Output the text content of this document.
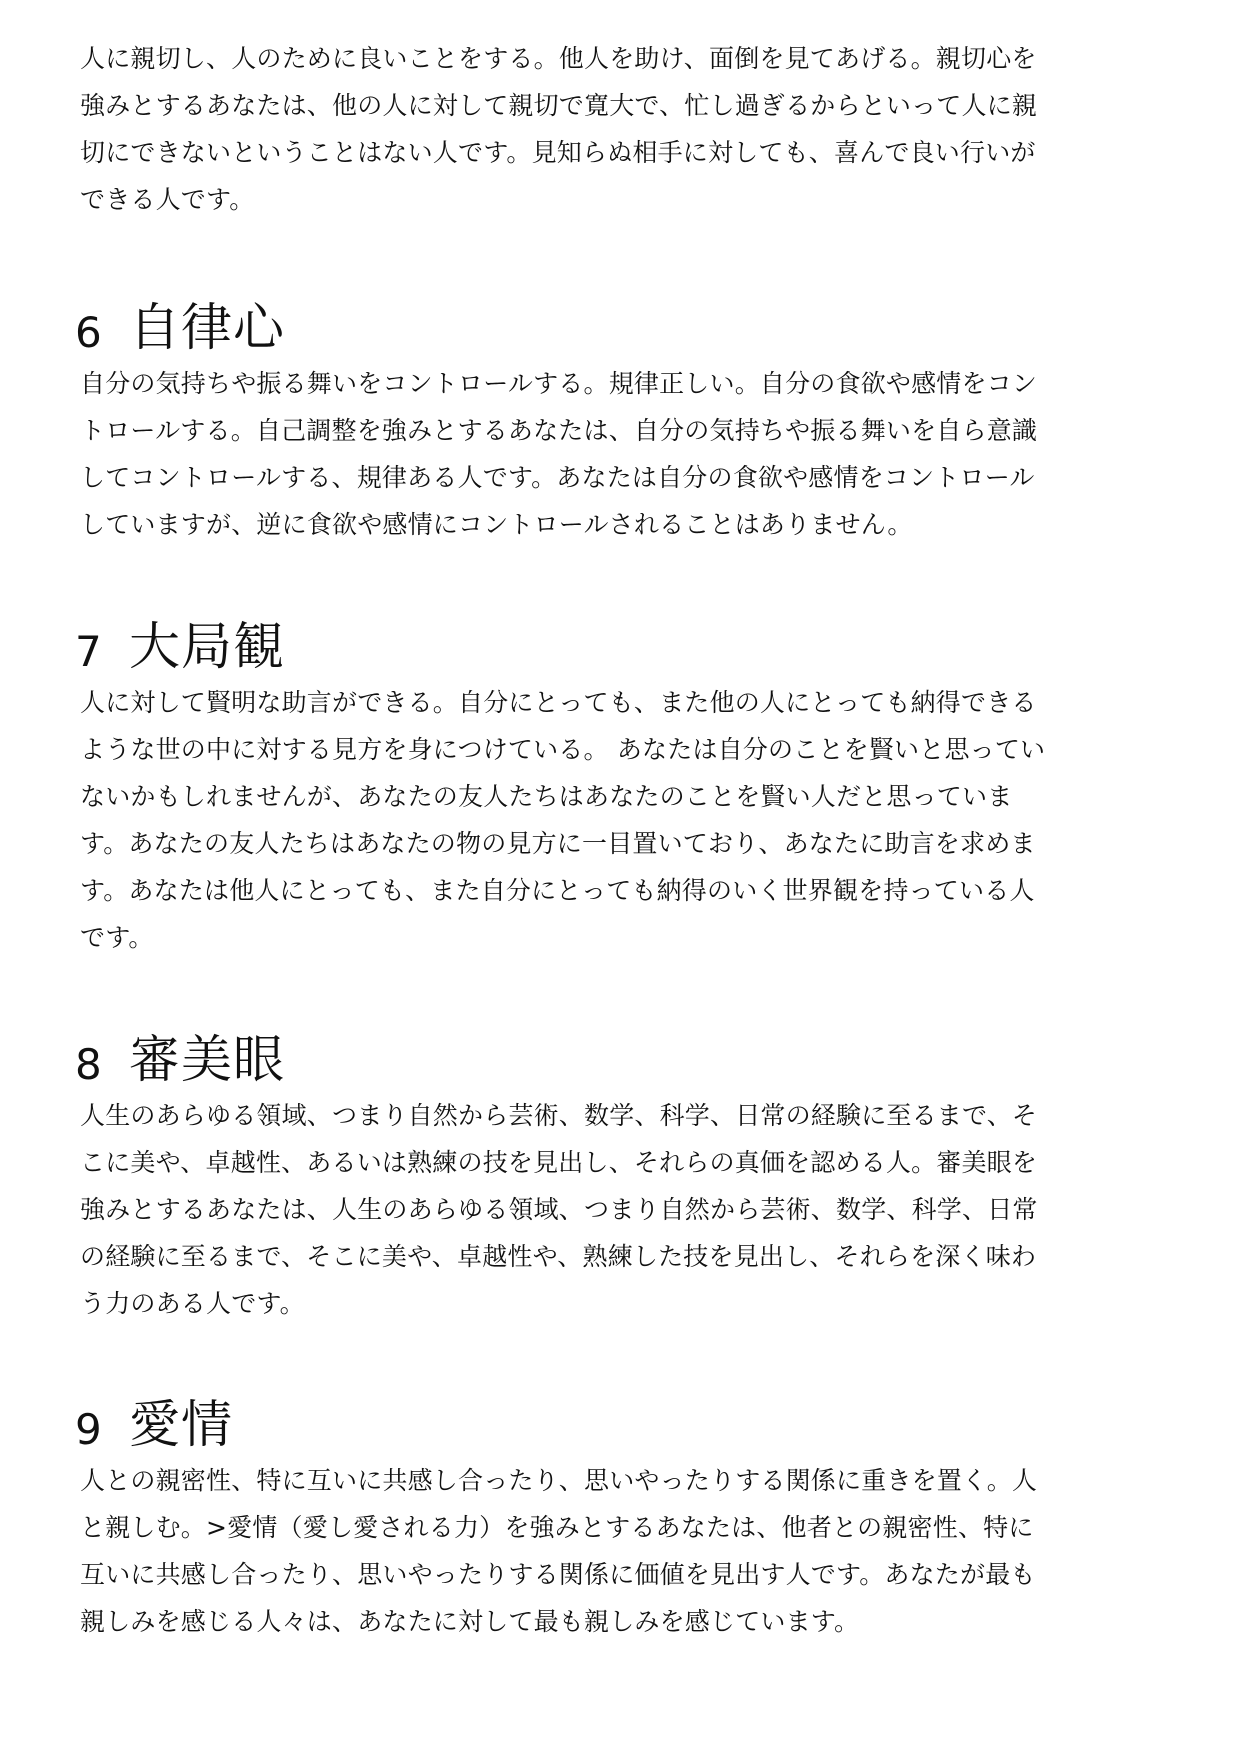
人に親切し、人のために良いことをする。他人を助け、面倒を見てあげる。親切心を
強みとするあなたは、他の人に対して親切で寛大で、忙し過ぎるからといって人に親
切にできないということはない人です。見知らぬ相手に対しても、喜んで良い行いが
できる人です。

6 自律心

自分の気持ちや振る舞いをコントロールする。規律正しい。自分の食欲や感情をコン
トロールする。自己調整を強みとするあなたは、自分の気持ちや振る舞いを自ら意識
してコントロールする、規律ある人です。あなたは自分の食欲や感情をコントロール
していますが、逆に食欲や感情にコントロールされることはありません。

7 大局観

人に対して賢明な助言ができる。自分にとっても、また他の人にとっても納得できる
ような世の中に対する見方を身につけている。 あなたは自分のことを賢いと思ってい
ないかもしれませんが、あなたの友人たちはあなたのことを賢い人だと思っていま
す。あなたの友人たちはあなたの物の見方に一目置いており、あなたに助言を求めま
す。あなたは他人にとっても、また自分にとっても納得のいく世界観を持っている人
です。

8 審美眼

人生のあらゆる領域、つまり自然から芸術、数学、科学、日常の経験に至るまで、そ
こに美や、卓越性、あるいは熟練の技を見出し、それらの真価を認める人。審美眼を
強みとするあなたは、人生のあらゆる領域、つまり自然から芸術、数学、科学、日常
の経験に至るまで、そこに美や、卓越性や、熟練した技を見出し、それらを深く味わ
う力のある人です。

9 愛情

人との親密性、特に互いに共感し合ったり、思いやったりする関係に重きを置く。人
と親しむ。>愛情（愛し愛される力）を強みとするあなたは、他者との親密性、特に
互いに共感し合ったり、思いやったりする関係に価値を見出す人です。あなたが最も
親しみを感じる人々は、あなたに対して最も親しみを感じています。
